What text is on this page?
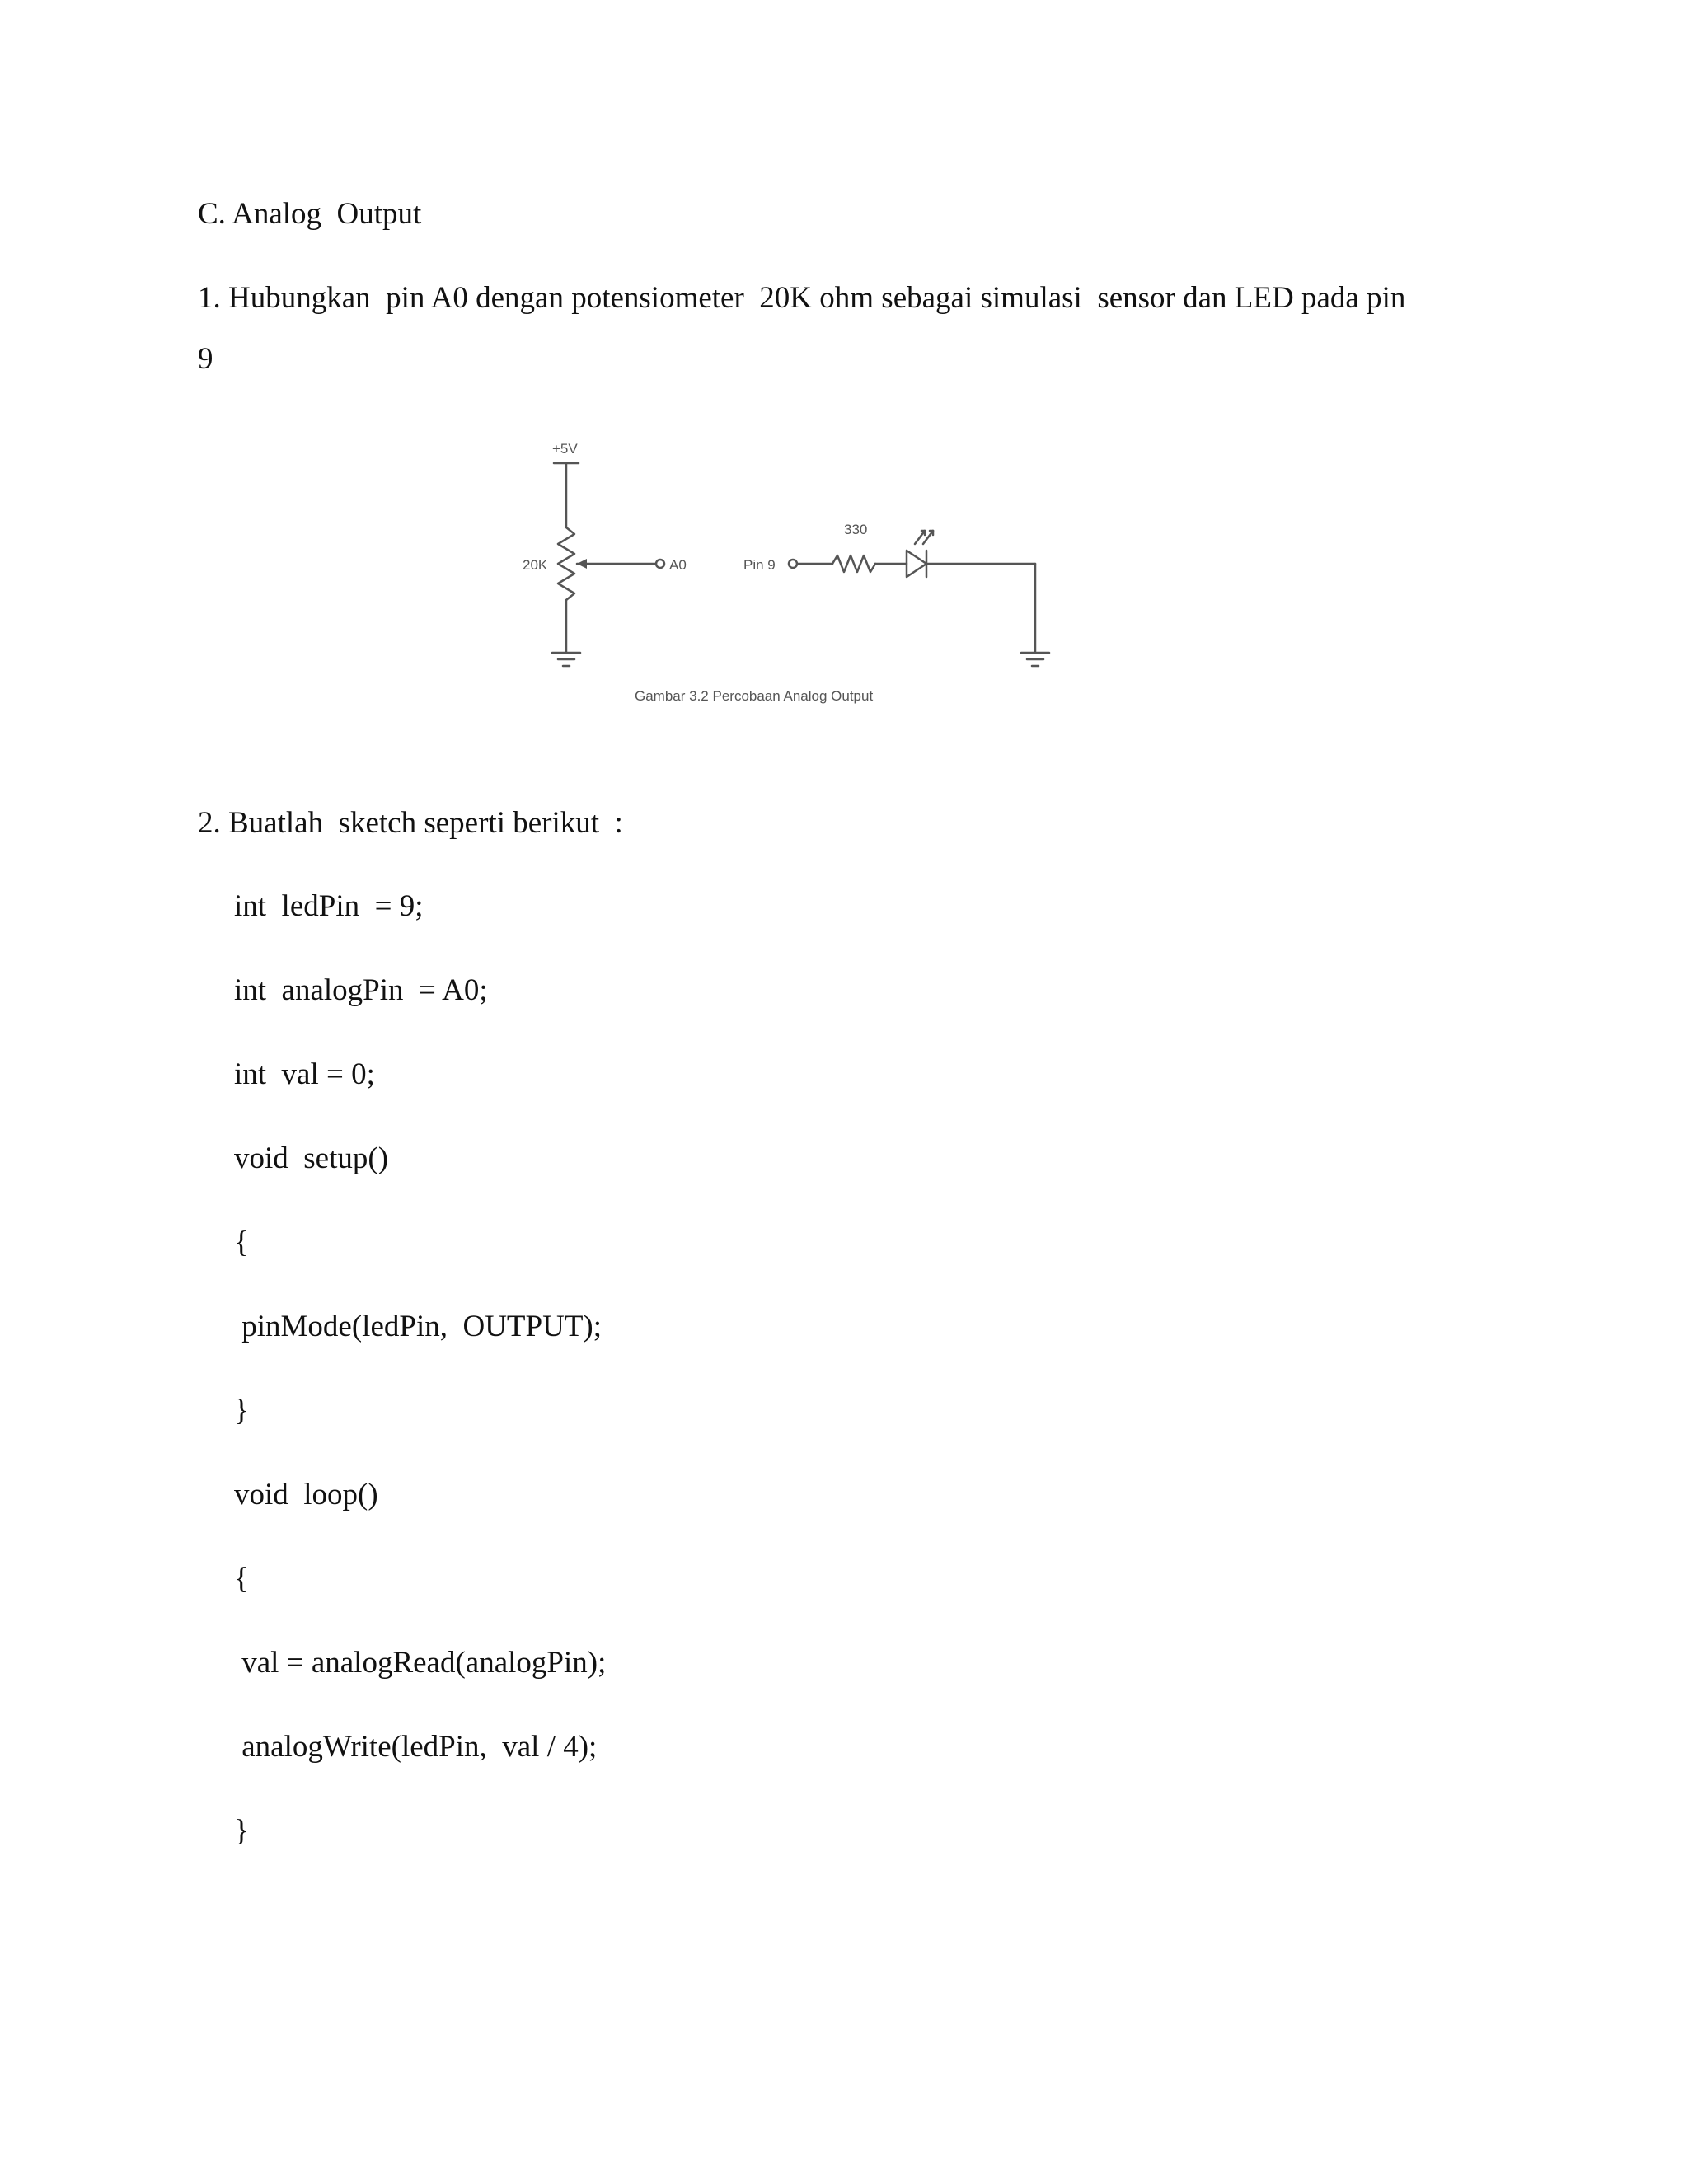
C. Analog  Output
1. Hubungkan  pin A0 dengan potensiometer  20K ohm sebagai simulasi  sensor dan LED pada pin
9
+5V
20K	A0	Pin 9
330
Gambar 3.2 Percobaan Analog Output
2. Buatlah  sketch seperti berikut  :
int  ledPin  = 9;
int  analogPin  = A0;
int  val = 0;
void  setup()
{
pinMode(ledPin,  OUTPUT);
}
void  loop()
{
val = analogRead(analogPin);
analogWrite(ledPin,  val / 4);
}
